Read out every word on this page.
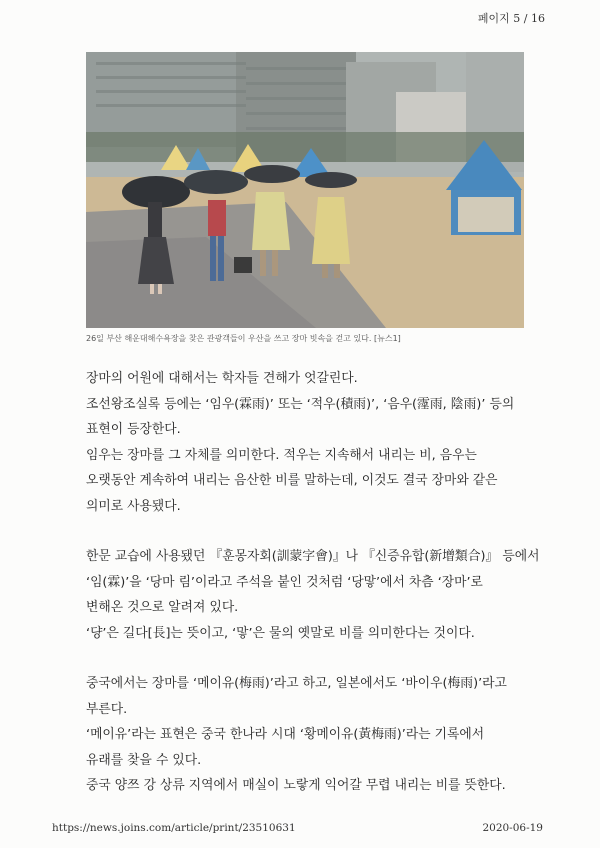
페이지 5 / 16
26일 부산 해운대해수욕장을 찾은 관광객들이 우산을 쓰고 장마 빗속을 걷고 있다. [뉴스1]
장마의 어원에 대해서는 학자들 견해가 엇갈린다.
조선왕조실록 등에는 ‘임우(霖雨)’ 또는 ‘적우(積雨)’, ‘음우(霪雨, 陰雨)’ 등의
표현이 등장한다.
임우는 장마를 그 자체를 의미한다. 적우는 지속해서 내리는 비, 음우는
오랫동안 계속하여 내리는 음산한 비를 말하는데, 이것도 결국 장마와 같은
의미로 사용됐다.
한문 교습에 사용됐던 『훈몽자회(訓蒙字會)』나 『신증유합(新增類合)』 등에서
‘임(霖)’을 ‘당마 림’이라고 주석을 붙인 것처럼 ‘당맣’에서 차츰 ‘장마’로
변해온 것으로 알려져 있다.
‘댱’은 길다[長]는 뜻이고, ‘맣’은 물의 옛말로 비를 의미한다는 것이다.
중국에서는 장마를 ‘메이유(梅雨)’라고 하고, 일본에서도 ‘바이우(梅雨)’라고
부른다.
‘메이유’라는 표현은 중국 한나라 시대 ‘황메이유(黃梅雨)’라는 기록에서
유래를 찾을 수 있다.
중국 양쯔 강 상류 지역에서 매실이 노랗게 익어갈 무렵 내리는 비를 뜻한다.
https://news.joins.com/article/print/23510631	2020-06-19
